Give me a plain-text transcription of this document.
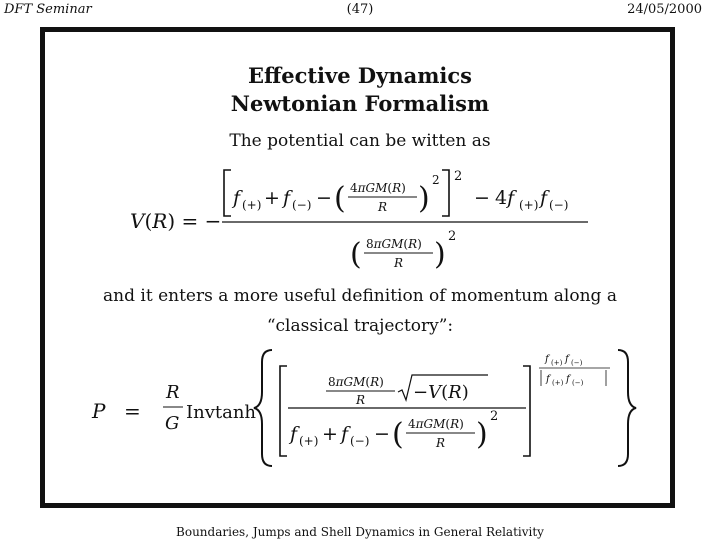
DFT Seminar	(47)	24/05/2000
Effective Dynamics
Newtonian Formalism
The potential can be witten as
V(R) = −
f (+) + f (−) − ( 4πGM(R)
R )
2 2
− 4f (+) f (−)
( 8πGM(R)
R )
2
and it enters a more useful definition of momentum along a
“classical trajectory”:
P =
R
G
Invtanh
8πGM(R)
R	−V(R)
f (+) + f (−) − ( 4πGM(R)
R )
2
f (+) f (−)
f (+) f (−)
Boundaries, Jumps and Shell Dynamics in General Relativity
